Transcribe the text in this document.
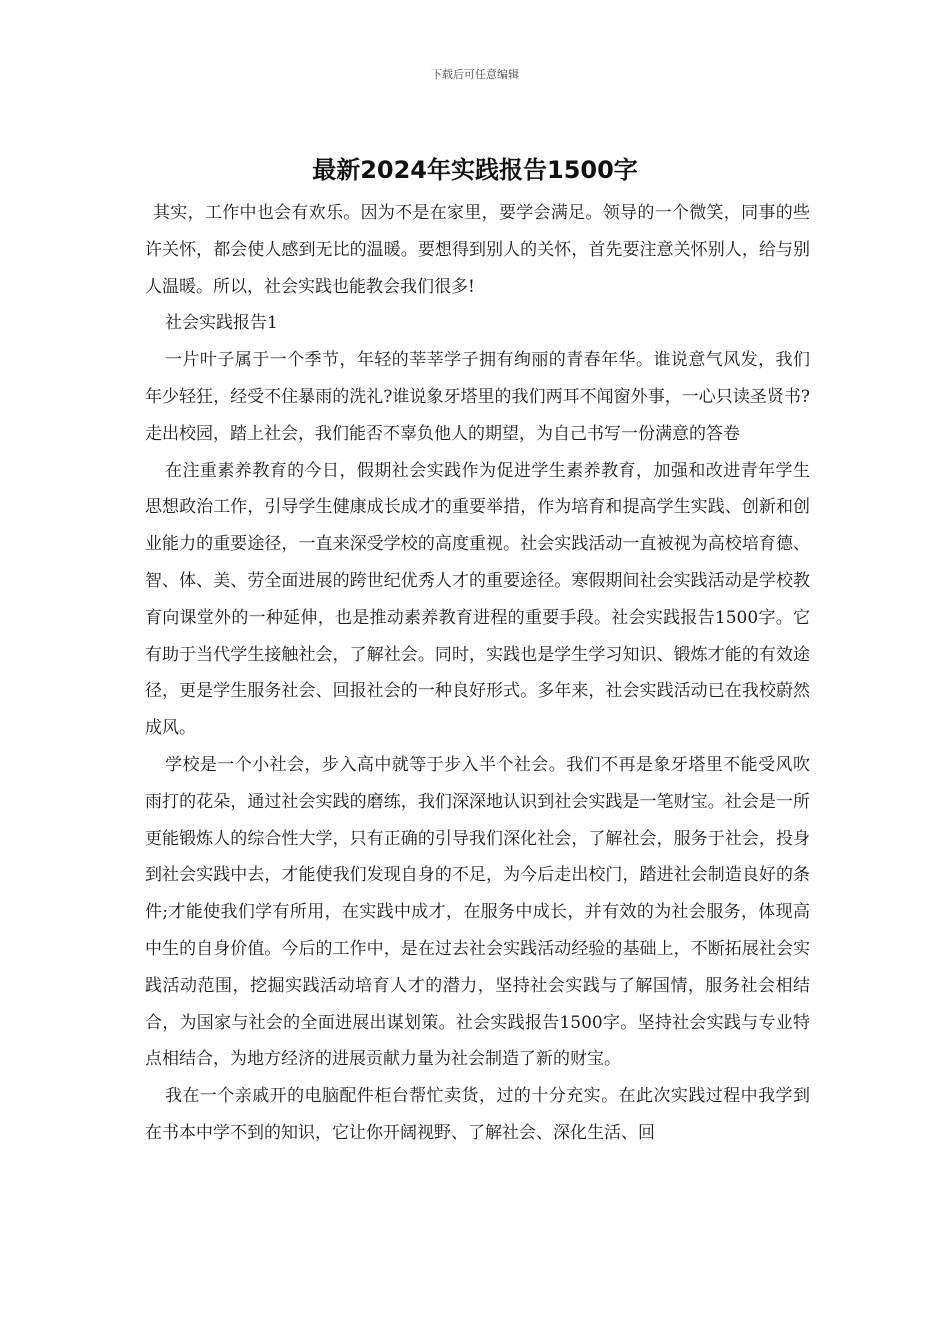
下载后可任意编辑
最新2024年实践报告1500字

其实，工作中也会有欢乐。因为不是在家里，要学会满足。领导的一个微笑，同事的些许关怀，都会使人感到无比的温暖。要想得到别人的关怀，首先要注意关怀别人，给与别人温暖。所以，社会实践也能教会我们很多!

社会实践报告1

一片叶子属于一个季节，年轻的莘莘学子拥有绚丽的青春年华。谁说意气风发，我们年少轻狂，经受不住暴雨的洗礼?谁说象牙塔里的我们两耳不闻窗外事，一心只读圣贤书?走出校园，踏上社会，我们能否不辜负他人的期望，为自己书写一份满意的答卷

在注重素养教育的今日，假期社会实践作为促进学生素养教育，加强和改进青年学生思想政治工作，引导学生健康成长成才的重要举措，作为培育和提高学生实践、创新和创业能力的重要途径，一直来深受学校的高度重视。社会实践活动一直被视为高校培育德、智、体、美、劳全面进展的跨世纪优秀人才的重要途径。寒假期间社会实践活动是学校教育向课堂外的一种延伸，也是推动素养教育进程的重要手段。社会实践报告1500字。它有助于当代学生接触社会，了解社会。同时，实践也是学生学习知识、锻炼才能的有效途径，更是学生服务社会、回报社会的一种良好形式。多年来，社会实践活动已在我校蔚然成风。

学校是一个小社会，步入高中就等于步入半个社会。我们不再是象牙塔里不能受风吹雨打的花朵，通过社会实践的磨练，我们深深地认识到社会实践是一笔财宝。社会是一所更能锻炼人的综合性大学，只有正确的引导我们深化社会，了解社会，服务于社会，投身到社会实践中去，才能使我们发现自身的不足，为今后走出校门，踏进社会制造良好的条件;才能使我们学有所用，在实践中成才，在服务中成长，并有效的为社会服务，体现高中生的自身价值。今后的工作中，是在过去社会实践活动经验的基础上，不断拓展社会实践活动范围，挖掘实践活动培育人才的潜力，坚持社会实践与了解国情，服务社会相结合，为国家与社会的全面进展出谋划策。社会实践报告1500字。坚持社会实践与专业特点相结合，为地方经济的进展贡献力量为社会制造了新的财宝。

我在一个亲戚开的电脑配件柜台帮忙卖货，过的十分充实。在此次实践过程中我学到在书本中学不到的知识，它让你开阔视野、了解社会、深化生活、回
